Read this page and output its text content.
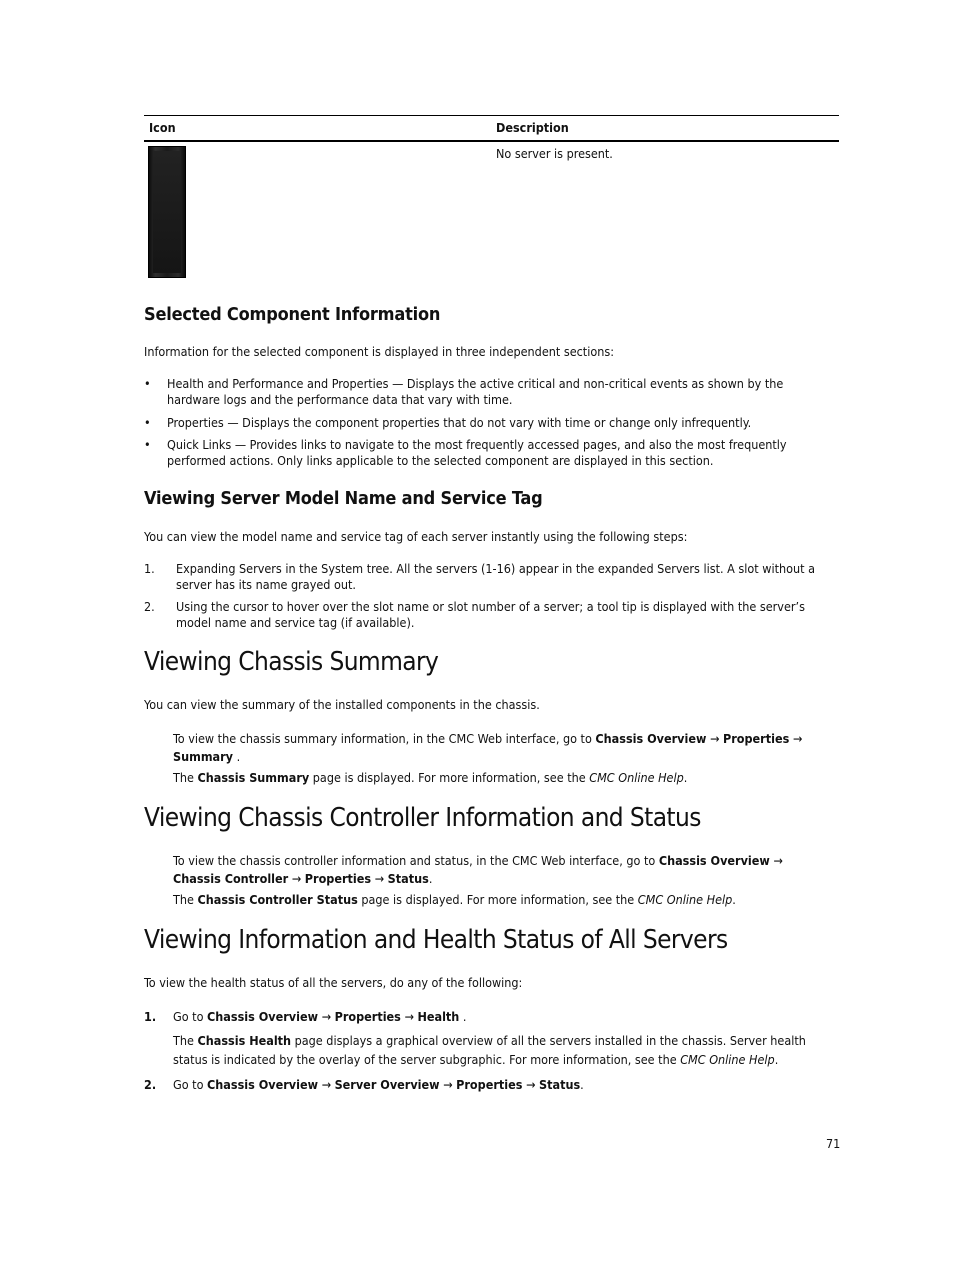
Icon	Description
No server is present.
Selected Component Information
Information for the selected component is displayed in three independent sections:
• Health and Performance and Properties — Displays the active critical and non-critical events as shown by the
hardware logs and the performance data that vary with time.
• Properties — Displays the component properties that do not vary with time or change only infrequently.
• Quick Links — Provides links to navigate to the most frequently accessed pages, and also the most frequently
performed actions. Only links applicable to the selected component are displayed in this section.
Viewing Server Model Name and Service Tag
You can view the model name and service tag of each server instantly using the following steps:
1. Expanding Servers in the System tree. All the servers (1-16) appear in the expanded Servers list. A slot without a
server has its name grayed out.
2. Using the cursor to hover over the slot name or slot number of a server; a tool tip is displayed with the server’s
model name and service tag (if available).
Viewing Chassis Summary
You can view the summary of the installed components in the chassis.
To view the chassis summary information, in the CMC Web interface, go to Chassis Overview → Properties →
Summary .
The Chassis Summary page is displayed. For more information, see the CMC Online Help.
Viewing Chassis Controller Information and Status
To view the chassis controller information and status, in the CMC Web interface, go to Chassis Overview →
Chassis Controller → Properties → Status.
The Chassis Controller Status page is displayed. For more information, see the CMC Online Help.
Viewing Information and Health Status of All Servers
To view the health status of all the servers, do any of the following:
1. Go to Chassis Overview → Properties → Health .
The Chassis Health page displays a graphical overview of all the servers installed in the chassis. Server health
status is indicated by the overlay of the server subgraphic. For more information, see the CMC Online Help.
2. Go to Chassis Overview → Server Overview → Properties → Status.
71
